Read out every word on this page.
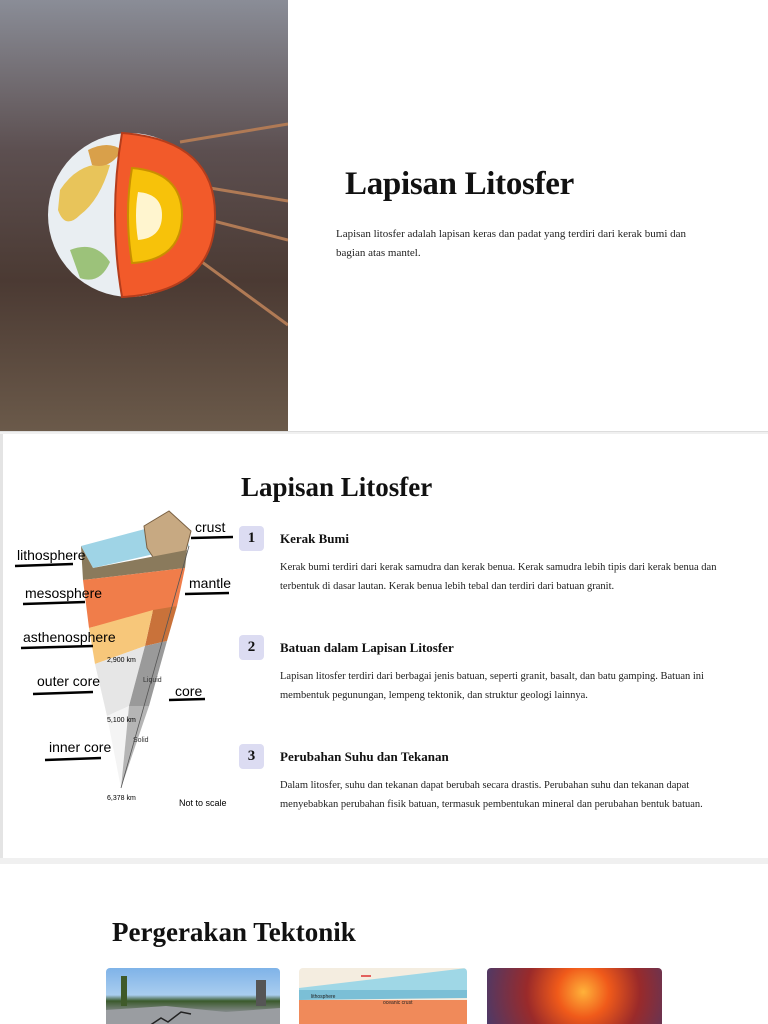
Lapisan Litosfer

Lapisan litosfer adalah lapisan keras dan padat yang terdiri dari kerak bumi dan bagian atas mantel.

Lapisan Litosfer
lithosphere
mesosphere
asthenosphere
outer core
inner core
crust
mantle
core
2,900 km
Liquid
5,100 km
Solid
6,378 km	Not to scale
1	Kerak Bumi
Kerak bumi terdiri dari kerak samudra dan kerak benua. Kerak samudra lebih tipis dari kerak benua dan terbentuk di dasar lautan. Kerak benua lebih tebal dan terdiri dari batuan granit.
2	Batuan dalam Lapisan Litosfer
Lapisan litosfer terdiri dari berbagai jenis batuan, seperti granit, basalt, dan batu gamping. Batuan ini membentuk pegunungan, lempeng tektonik, dan struktur geologi lainnya.
3	Perubahan Suhu dan Tekanan
Dalam litosfer, suhu dan tekanan dapat berubah secara drastis. Perubahan suhu dan tekanan dapat menyebabkan perubahan fisik batuan, termasuk pembentukan mineral dan perubahan bentuk batuan.
Pergerakan Tektonik
lithosphere
oceanic crust
